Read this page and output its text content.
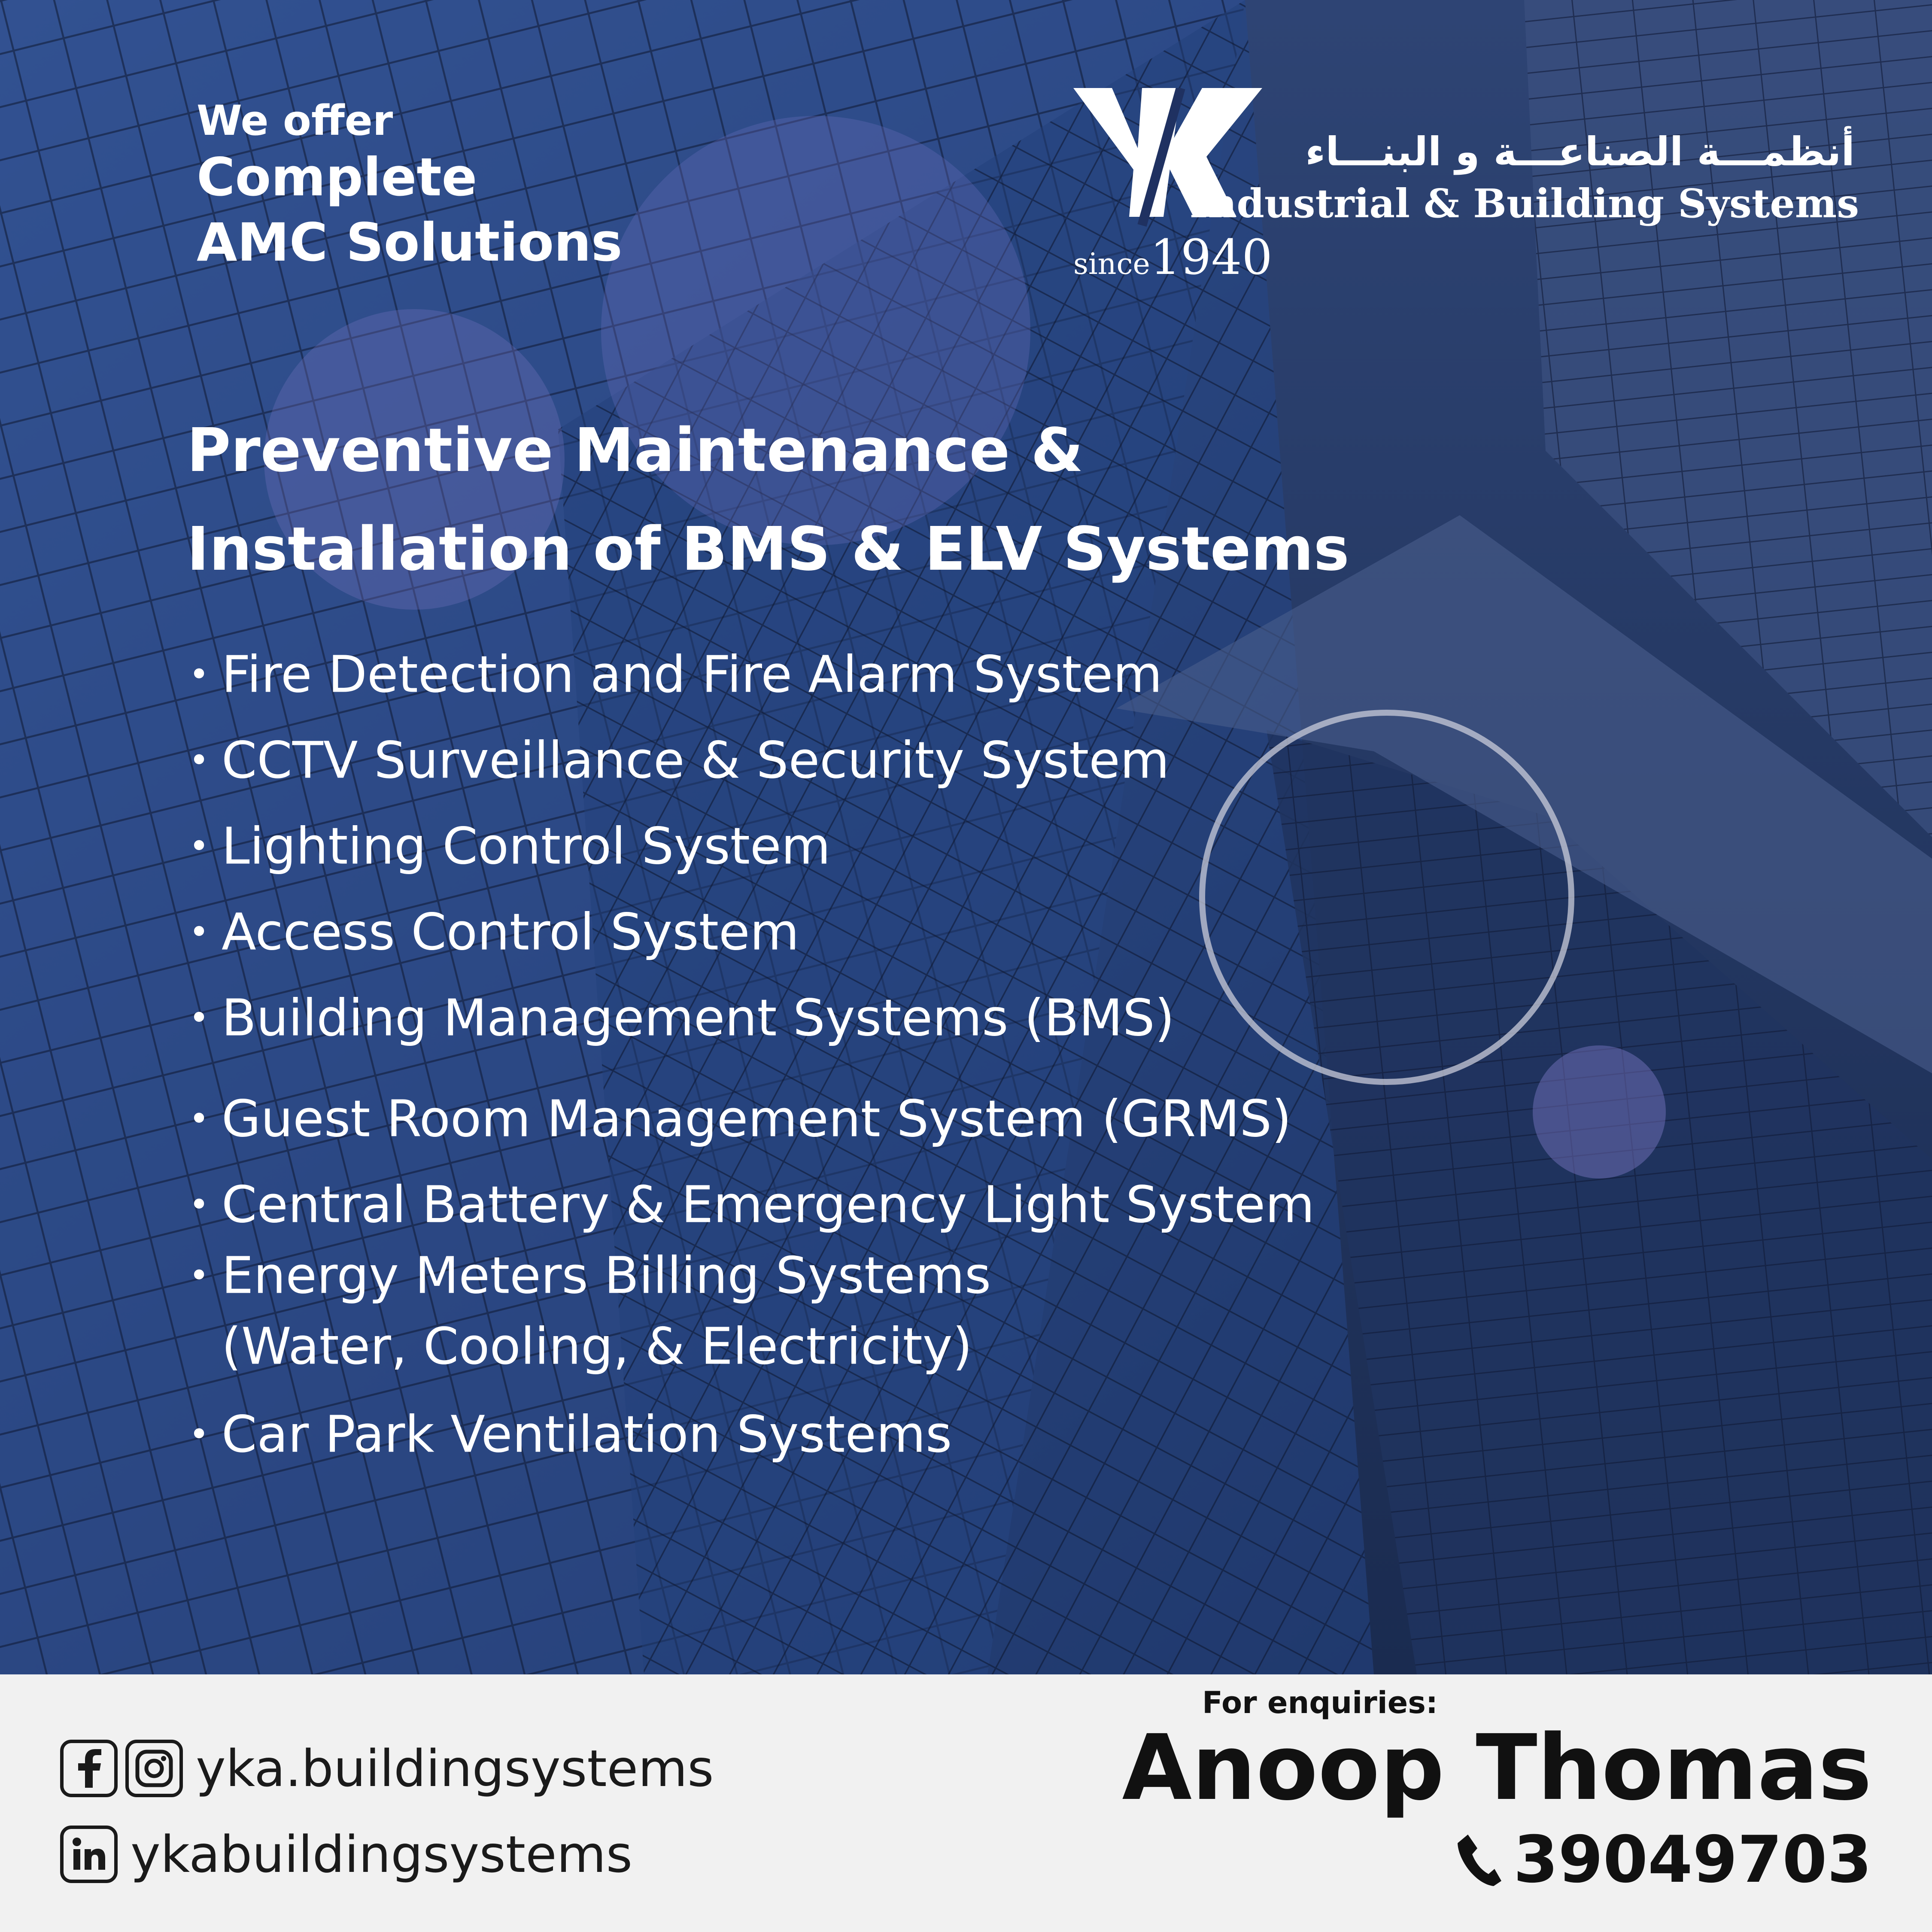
We offer
Complete
AMC Solutions	since1940
أنظمـــة الصناعـــة و البنـــاء
Industrial & Building Systems
Preventive Maintenance &
Installation of BMS & ELV Systems
• Fire Detection and Fire Alarm System
• CCTV Surveillance & Security System
• Lighting Control System
• Access Control System
• Building Management Systems (BMS)
• Guest Room Management System (GRMS)
• Central Battery & Emergency Light System
• Energy Meters Billing Systems
(Water, Cooling, & Electricity)
• Car Park Ventilation Systems
yka.buildingsystems
ykabuildingsystems
For enquiries:
Anoop Thomas
39049703
